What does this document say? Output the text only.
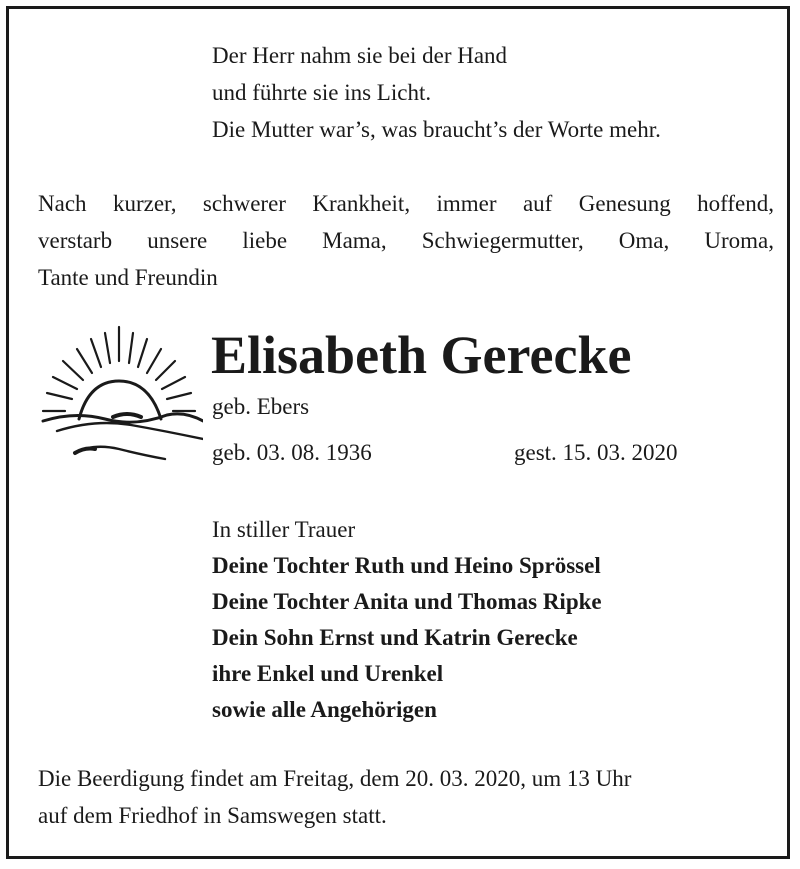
Der Herr nahm sie bei der Hand
und führte sie ins Licht.
Die Mutter war’s, was braucht’s der Worte mehr.
Nach kurzer, schwerer Krankheit, immer auf Genesung hoffend,
verstarb unsere liebe Mama, Schwiegermutter, Oma, Uroma,
Tante und Freundin
Elisabeth Gerecke
geb. Ebers
geb. 03. 08. 1936	gest. 15. 03. 2020
In stiller Trauer
Deine Tochter Ruth und Heino Sprössel
Deine Tochter Anita und Thomas Ripke
Dein Sohn Ernst und Katrin Gerecke
ihre Enkel und Urenkel
sowie alle Angehörigen
Die Beerdigung findet am Freitag, dem 20. 03. 2020, um 13 Uhr
auf dem Friedhof in Samswegen statt.
